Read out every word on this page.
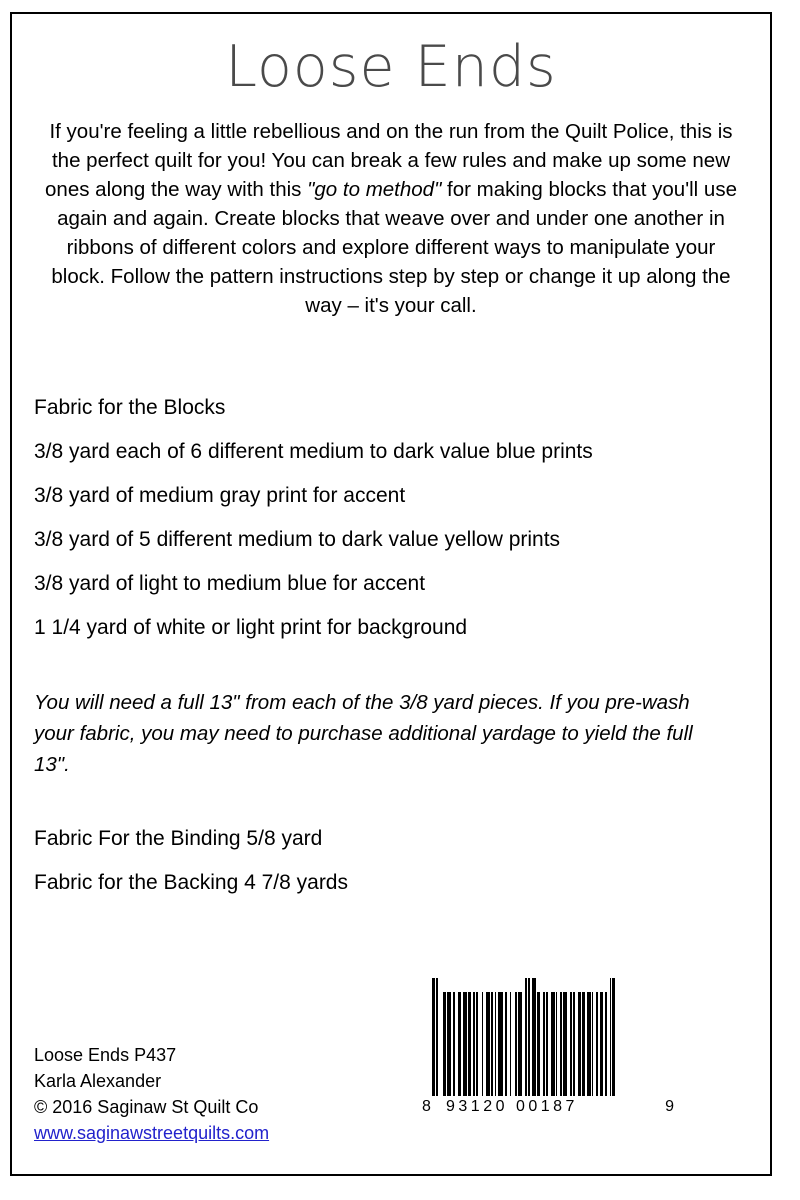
Loose Ends
If you're feeling a little rebellious and on the run from the Quilt Police, this is the perfect quilt for you! You can break a few rules and make up some new ones along the way with this "go to method" for making blocks that you'll use again and again. Create blocks that weave over and under one another in ribbons of different colors and explore different ways to manipulate your block. Follow the pattern instructions step by step or change it up along the way – it's your call.
Fabric for the Blocks
3/8 yard each of 6 different medium to dark value blue prints
3/8 yard of medium gray print for accent
3/8 yard of 5 different medium to dark value yellow prints
3/8 yard of light to medium blue for accent
1 1/4 yard of white or light print for background
You will need a full 13" from each of the 3/8 yard pieces. If you pre-wash your fabric, you may need to purchase additional yardage to yield the full 13".
Fabric For the Binding 5/8 yard
Fabric for the Backing 4 7/8 yards
8 93120 00187	9
Loose Ends P437
Karla Alexander
© 2016 Saginaw St Quilt Co
www.saginawstreetquilts.com
